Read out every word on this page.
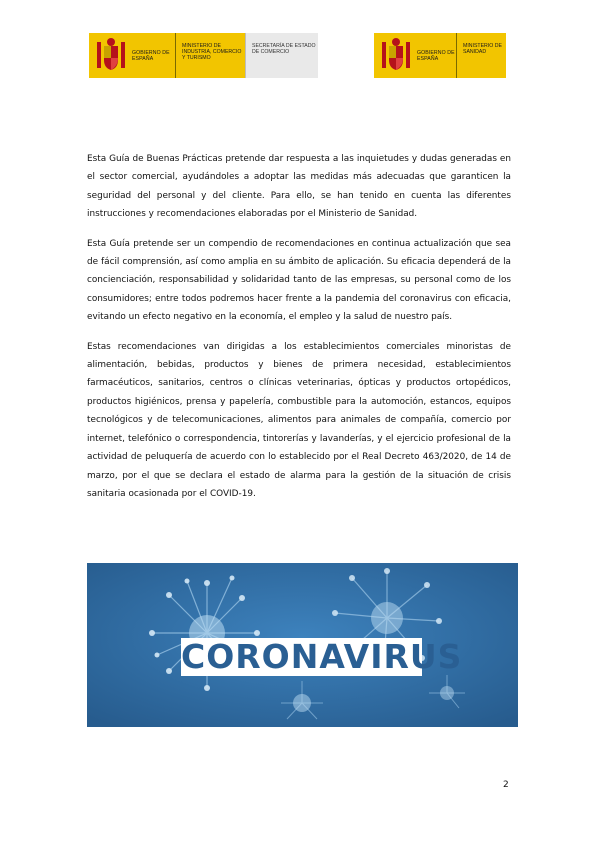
GOBIERNO DE ESPAÑA
MINISTERIO DE INDUSTRIA, COMERCIO Y TURISMO
SECRETARÍA DE ESTADO DE COMERCIO	GOBIERNO DE ESPAÑA
MINISTERIO DE SANIDAD

Esta Guía de Buenas Prácticas pretende dar respuesta a las inquietudes y dudas generadas en el sector comercial, ayudándoles a adoptar las medidas más adecuadas que garanticen la seguridad del personal y del cliente. Para ello, se han tenido en cuenta las diferentes instrucciones y recomendaciones elaboradas por el Ministerio de Sanidad.

Esta Guía pretende ser un compendio de recomendaciones en continua actualización que sea de fácil comprensión, así como amplia en su ámbito de aplicación. Su eficacia dependerá de la concienciación, responsabilidad y solidaridad tanto de las empresas, su personal como de los consumidores; entre todos podremos hacer frente a la pandemia del coronavirus con eficacia, evitando un efecto negativo en la economía, el empleo y la salud de nuestro país.

Estas recomendaciones van dirigidas a los establecimientos comerciales minoristas de alimentación, bebidas, productos y bienes de primera necesidad, establecimientos farmacéuticos, sanitarios, centros o clínicas veterinarias, ópticas y productos ortopédicos, productos higiénicos, prensa y papelería, combustible para la automoción, estancos, equipos tecnológicos y de telecomunicaciones, alimentos para animales de compañía, comercio por internet, telefónico o correspondencia, tintorerías y lavanderías, y el ejercicio profesional de la actividad de peluquería de acuerdo con lo establecido por el Real Decreto 463/2020, de 14 de marzo, por el que se declara el estado de alarma para la gestión de la situación de crisis sanitaria ocasionada por el COVID-19.

CORONAVIRUS
2
